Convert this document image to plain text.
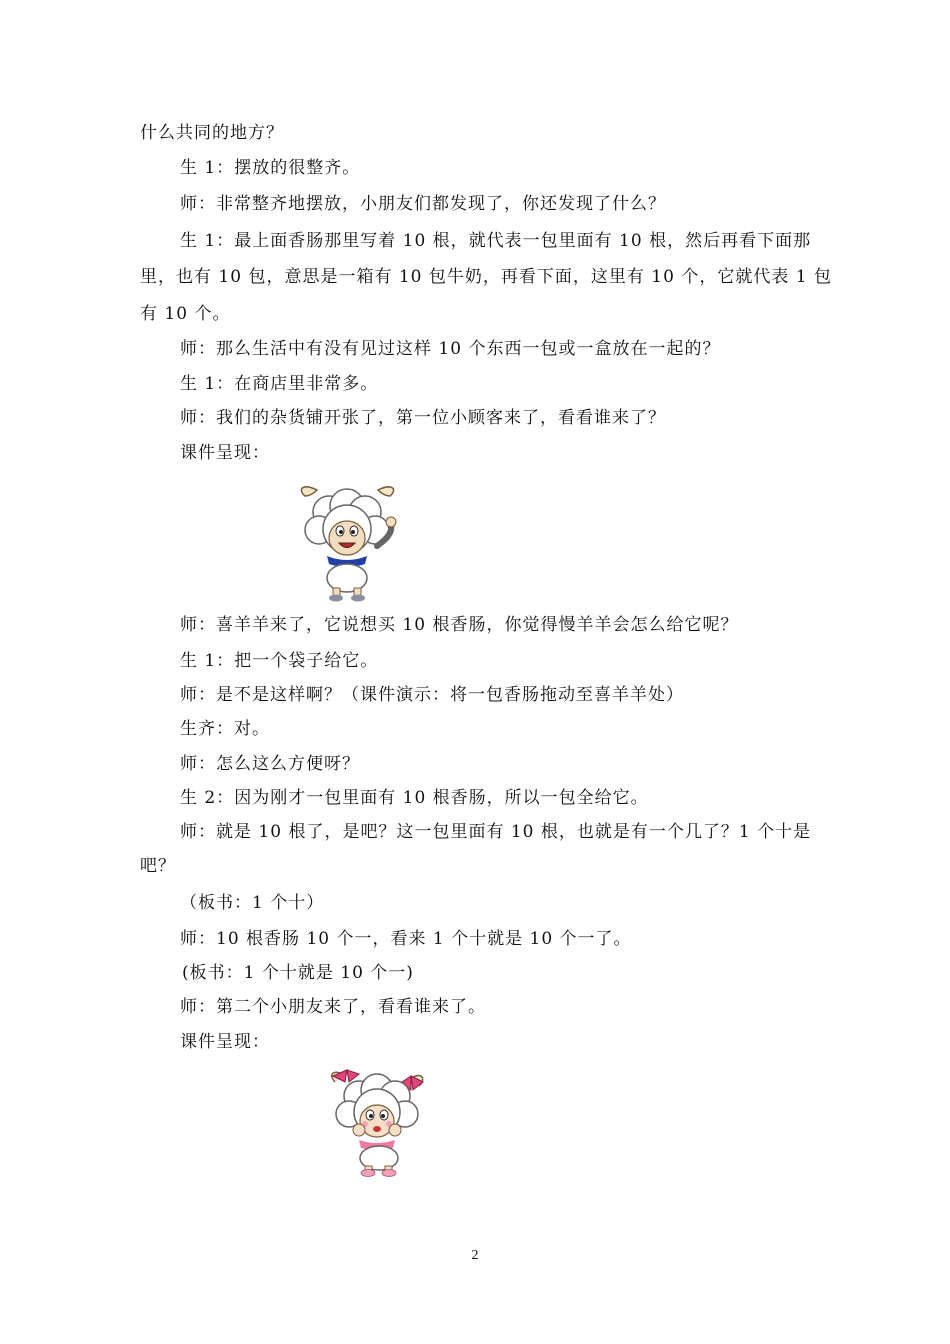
什么共同的地方？
生 1：摆放的很整齐。
师：非常整齐地摆放，小朋友们都发现了，你还发现了什么？
生 1：最上面香肠那里写着 10 根，就代表一包里面有 10 根，然后再看下面那
里，也有 10 包，意思是一箱有 10 包牛奶，再看下面，这里有 10 个，它就代表 1 包
有 10 个。
师：那么生活中有没有见过这样 10 个东西一包或一盒放在一起的？
生 1：在商店里非常多。
师：我们的杂货铺开张了，第一位小顾客来了，看看谁来了？
课件呈现：
师：喜羊羊来了，它说想买 10 根香肠，你觉得慢羊羊会怎么给它呢？
生 1：把一个袋子给它。
师：是不是这样啊？（课件演示：将一包香肠拖动至喜羊羊处）
生齐：对。
师：怎么这么方便呀？
生 2：因为刚才一包里面有 10 根香肠，所以一包全给它。
师：就是 10 根了，是吧？这一包里面有 10 根，也就是有一个几了？1 个十是
吧？
（板书：1 个十）
师：10 根香肠 10 个一，看来 1 个十就是 10 个一了。
(板书：1 个十就是 10 个一)
师：第二个小朋友来了，看看谁来了。
课件呈现：
2
